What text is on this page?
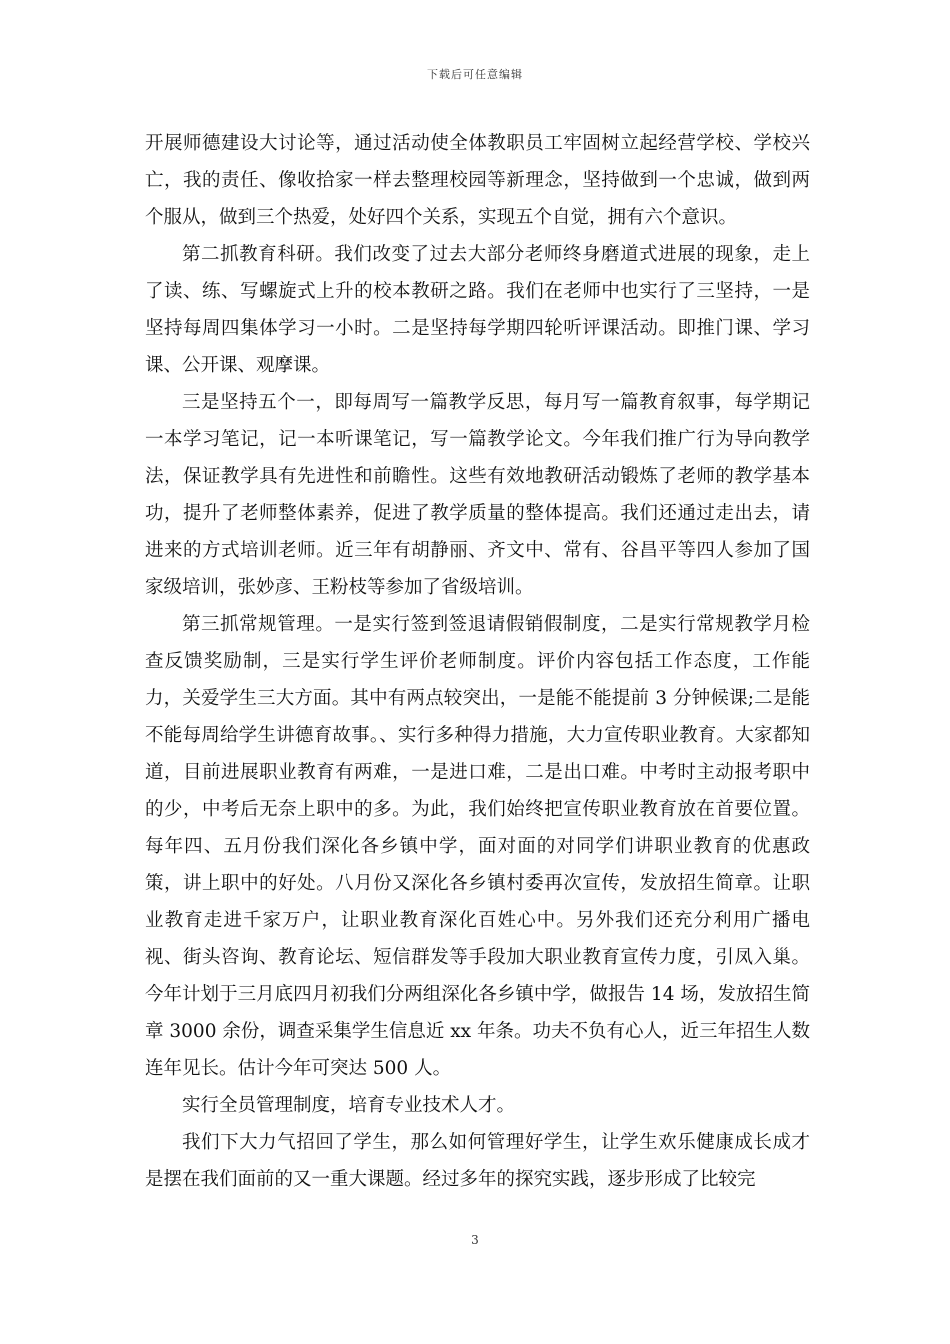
下载后可任意编辑

开展师德建设大讨论等，通过活动使全体教职员工牢固树立起经营学校、学校兴亡，我的责任、像收拾家一样去整理校园等新理念，坚持做到一个忠诚，做到两个服从，做到三个热爱，处好四个关系，实现五个自觉，拥有六个意识。

第二抓教育科研。我们改变了过去大部分老师终身磨道式进展的现象，走上了读、练、写螺旋式上升的校本教研之路。我们在老师中也实行了三坚持，一是坚持每周四集体学习一小时。二是坚持每学期四轮听评课活动。即推门课、学习课、公开课、观摩课。

三是坚持五个一，即每周写一篇教学反思，每月写一篇教育叙事，每学期记一本学习笔记，记一本听课笔记，写一篇教学论文。今年我们推广行为导向教学法，保证教学具有先进性和前瞻性。这些有效地教研活动锻炼了老师的教学基本功，提升了老师整体素养，促进了教学质量的整体提高。我们还通过走出去，请进来的方式培训老师。近三年有胡静丽、齐文中、常有、谷昌平等四人参加了国家级培训，张妙彦、王粉枝等参加了省级培训。

第三抓常规管理。一是实行签到签退请假销假制度，二是实行常规教学月检查反馈奖励制，三是实行学生评价老师制度。评价内容包括工作态度，工作能力，关爱学生三大方面。其中有两点较突出，一是能不能提前 3 分钟候课;二是能不能每周给学生讲德育故事。、实行多种得力措施，大力宣传职业教育。大家都知道，目前进展职业教育有两难，一是进口难，二是出口难。中考时主动报考职中的少，中考后无奈上职中的多。为此，我们始终把宣传职业教育放在首要位置。每年四、五月份我们深化各乡镇中学，面对面的对同学们讲职业教育的优惠政策，讲上职中的好处。八月份又深化各乡镇村委再次宣传，发放招生简章。让职业教育走进千家万户，让职业教育深化百姓心中。另外我们还充分利用广播电视、街头咨询、教育论坛、短信群发等手段加大职业教育宣传力度，引凤入巢。今年计划于三月底四月初我们分两组深化各乡镇中学，做报告 14 场，发放招生简章 3000 余份，调查采集学生信息近 xx 年条。功夫不负有心人，近三年招生人数连年见长。估计今年可突达 500 人。

实行全员管理制度，培育专业技术人才。

我们下大力气招回了学生，那么如何管理好学生，让学生欢乐健康成长成才是摆在我们面前的又一重大课题。经过多年的探究实践，逐步形成了比较完

3
